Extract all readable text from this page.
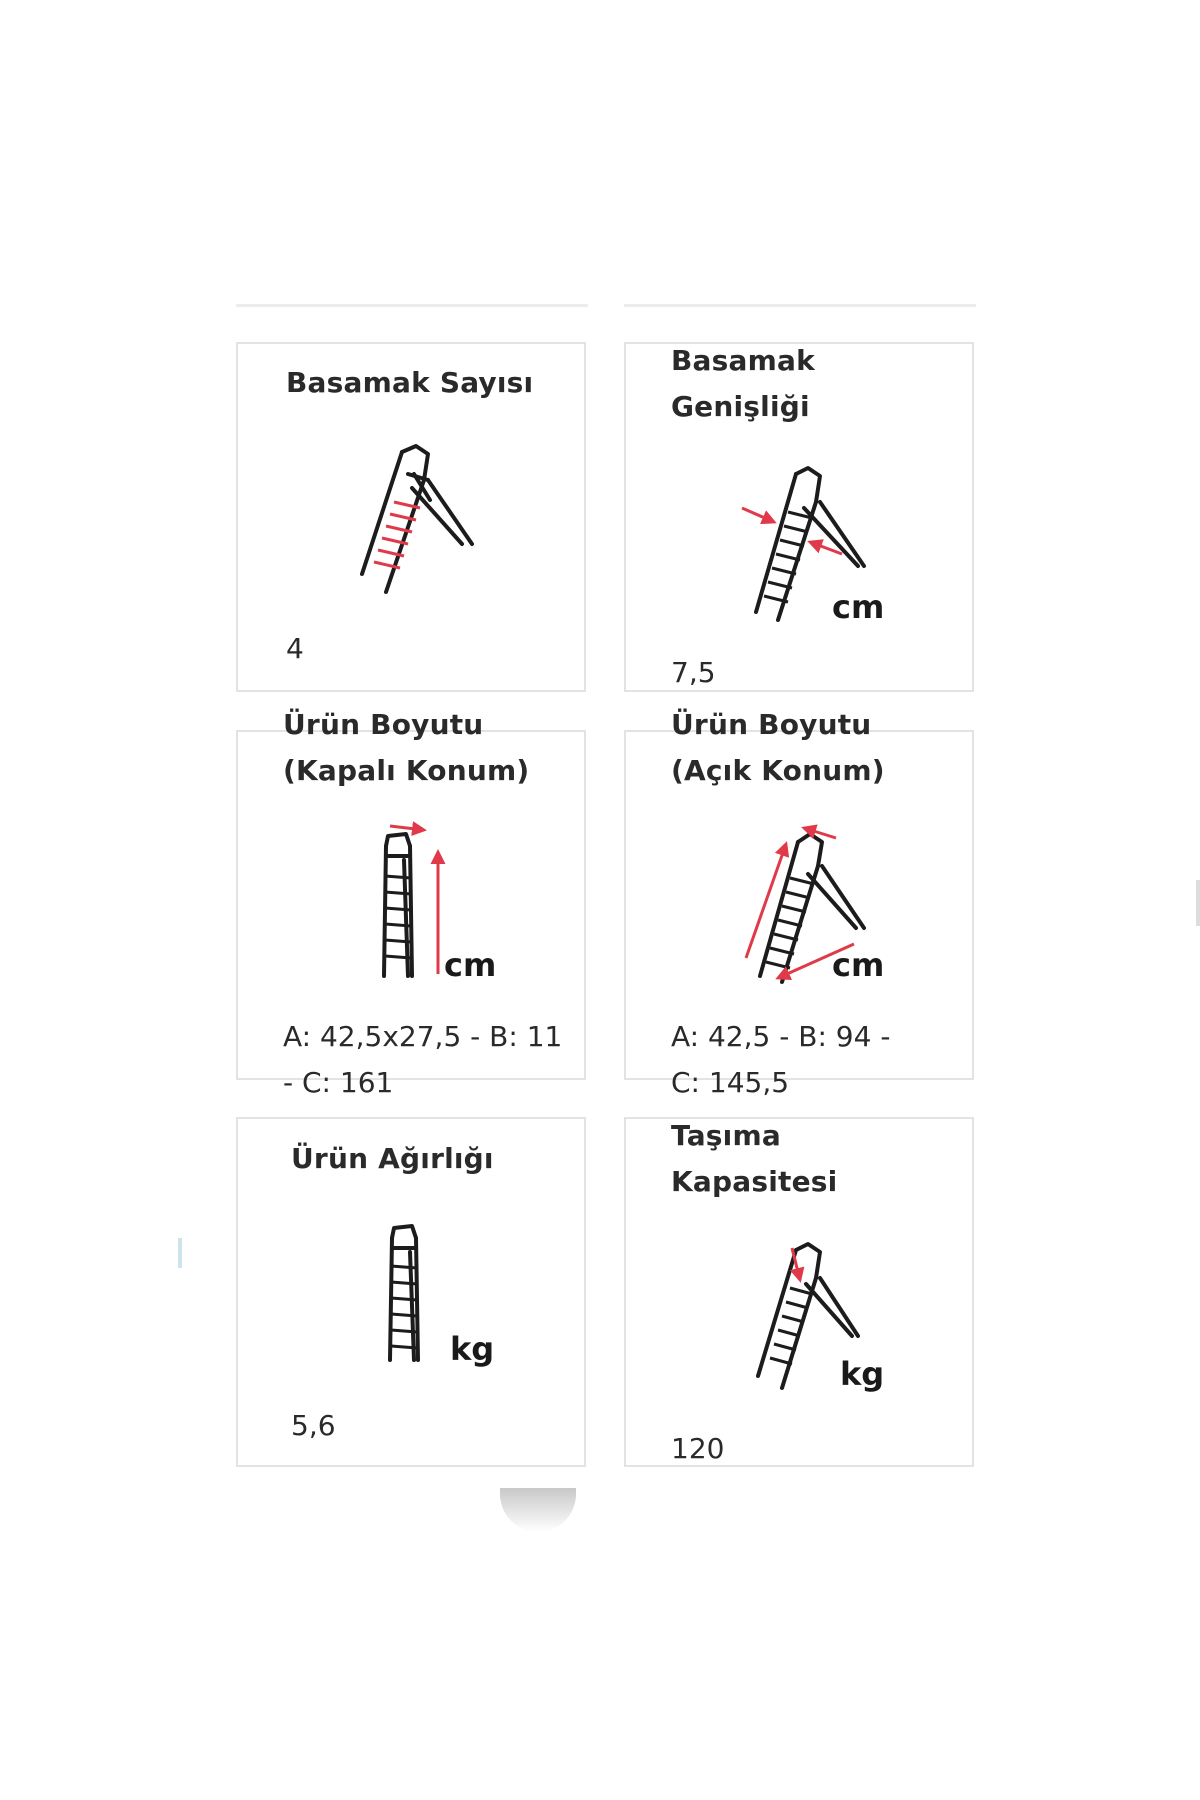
Basamak Sayısı

4

Basamak

Genişliği

cm

7,5

Ürün Boyutu

(Kapalı Konum)

cm

A: 42,5x27,5 - B: 11

- C: 161

Ürün Boyutu

(Açık Konum)

cm

A: 42,5 - B: 94 -

C: 145,5

Ürün Ağırlığı

kg

5,6

Taşıma

Kapasitesi

kg

120
